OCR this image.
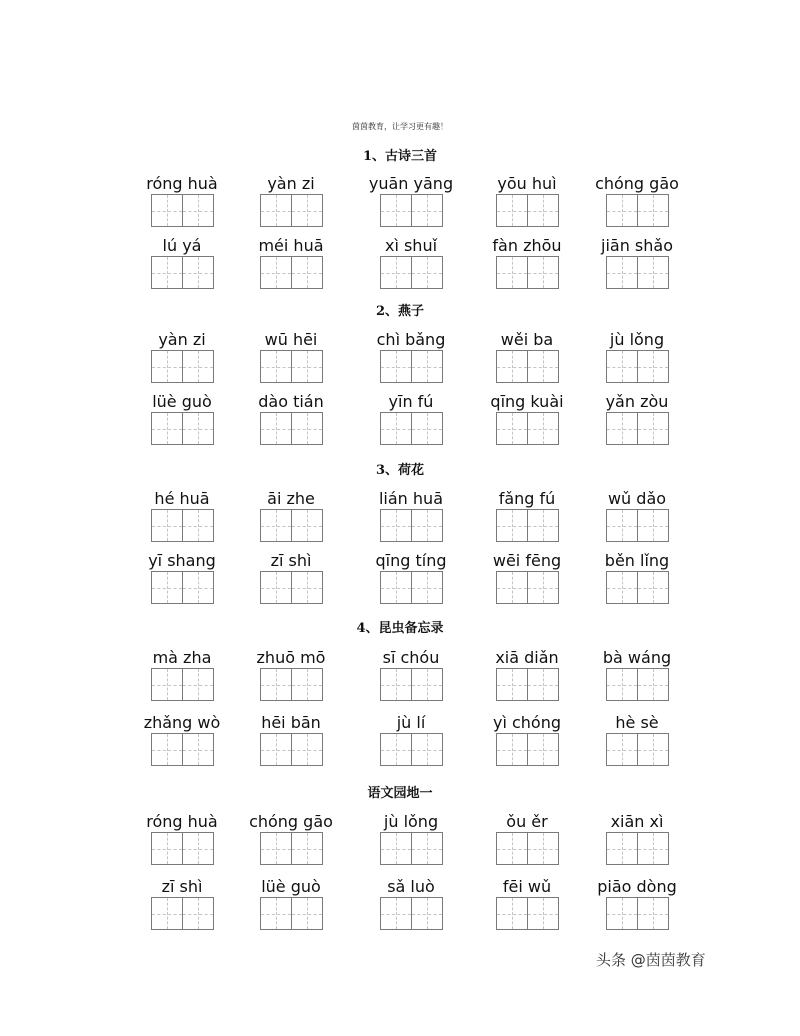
茵茵教育，让学习更有趣！
1、古诗三首
róng huà	yàn zi	yuān yāng	yōu huì	chóng gāo
lú yá	méi huā	xì shuǐ	fàn zhōu	jiān shǎo
2、燕子
yàn zi	wū hēi	chì bǎng	wěi ba	jù lǒng
lüè guò	dào tián	yīn fú	qīng kuài	yǎn zòu
3、荷花
hé huā	āi zhe	lián huā	fǎng fú	wǔ dǎo
yī shang	zī shì	qīng tíng	wēi fēng	běn lǐng
4、昆虫备忘录
mà zha	zhuō mō	sī chóu	xiā diǎn	bà wáng
zhǎng wò	hēi bān	jù lí	yì chóng	hè sè
语文园地一
róng huà	chóng gāo	jù lǒng	ǒu ěr	xiān xì
zī shì	lüè guò	sǎ luò	fēi wǔ	piāo dòng
头条 @茵茵教育
